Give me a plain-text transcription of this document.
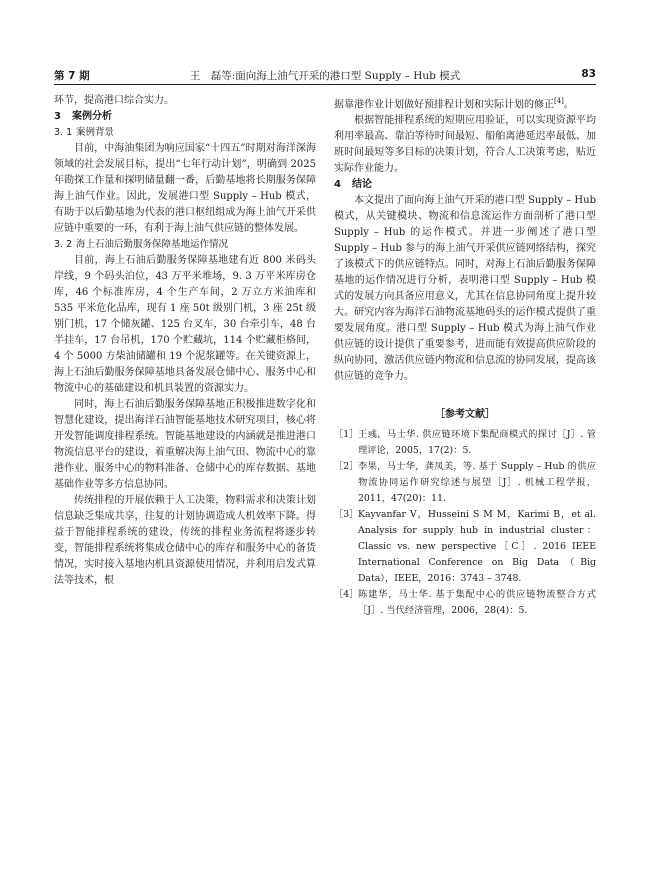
第 7 期	王　磊等:面向海上油气开采的港口型 Supply – Hub 模式	83

环节，提高港口综合实力。

3 案例分析
3. 1 案例背景

目前，中海油集团为响应国家“十四五”时期对海洋深海领域的社会发展目标，提出“七年行动计划”，明确到 2025 年勘探工作量和探明储量翻一番，后勤基地将长期服务保障海上油气作业。因此，发展港口型 Supply – Hub 模式，有助于以后勤基地为代表的港口枢纽组成为海上油气开采供应链中重要的一环，有利于海上油气供应链的整体发展。

3. 2 海上石油后勤服务保障基地运作情况

目前，海上石油后勤服务保障基地建有近 800 米码头岸线，9 个码头泊位，43 万平米堆场，9. 3 万平米库房仓库，46 个标准库房，4 个生产车间，2 万立方米油库和 535 平米危化品库，现有 1 座 50t 级别门机，3 座 25t 级别门机，17 个储灰罐、125 台叉车，30 台牵引车，48 台半挂车，17 台吊机，170 个贮藏坑，114 个贮藏柜格间，4 个 5000 方柴油储罐和 19 个泥浆罐等。在关键资源上，海上石油后勤服务保障基地具备发展仓储中心、服务中心和物流中心的基础建设和机具装置的资源实力。

同时，海上石油后勤服务保障基地正积极推进数字化和智慧化建设，提出海洋石油智能基地技术研究项目，核心将开发智能调度排程系统。智能基地建设的内涵就是推进港口物流信息平台的建设，着重解决海上油气田、物流中心的靠港作业、服务中心的物料准备、仓储中心的库存数据、基地基础作业等多方信息协同。

传统排程的开展依赖于人工决策，物料需求和决策计划信息缺乏集成共享，往复的计划协调造成人机效率下降。得益于智能排程系统的建设，传统的排程业务流程将逐步转变，智能排程系统将集成仓储中心的库存和服务中心的备货情况，实时接入基地内机具资源使用情况，并利用启发式算法等技术，根

据靠港作业计划做好预排程计划和实际计划的修正[4]。

根据智能排程系统的短期应用验证，可以实现资源平均利用率最高、靠泊等待时间最短、船舶离港延迟率最低、加班时间最短等多目标的决策计划，符合人工决策考虑，贴近实际作业能力。

4 结论

本文提出了面向海上油气开采的港口型 Supply – Hub 模式，从关键模块、物流和信息流运作方面剖析了港口型 Supply – Hub 的运作模式。并进一步阐述了港口型 Supply – Hub 参与的海上油气开采供应链网络结构，探究了该模式下的供应链特点。同时，对海上石油后勤服务保障基地的运作情况进行分析，表明港口型 Supply – Hub 模式的发展方向具备应用意义，尤其在信息协同角度上提升较大。研究内容为海洋石油物流基地码头的运作模式提供了重要发展角度。港口型 Supply – Hub 模式为海上油气作业供应链的设计提供了重要参考，进而能有效提高供应阶段的纵向协同，激活供应链内物流和信息流的协同发展，提高该供应链的竞争力。

［参考文献］
［1］ 王彧，马士华. 供应链环境下集配商模式的探讨［J］. 管理评论，2005，17(2)：5.
［2］ 李果，马士华，龚凤美，等. 基于 Supply – Hub 的供应物流协同运作研究综述与展望［J］. 机械工程学报，2011，47(20)：11.
［3］ Kayvanfar V，Husseini S M M，Karimi B，et al. Analysis for supply hub in industrial cluster：Classic vs. new perspective［C］. 2016 IEEE International Conference on Big Data（Big Data），IEEE，2016：3743 – 3748.
［4］ 陈建华，马士华. 基于集配中心的供应链物流整合方式［J］. 当代经济管理，2006，28(4)：5.
